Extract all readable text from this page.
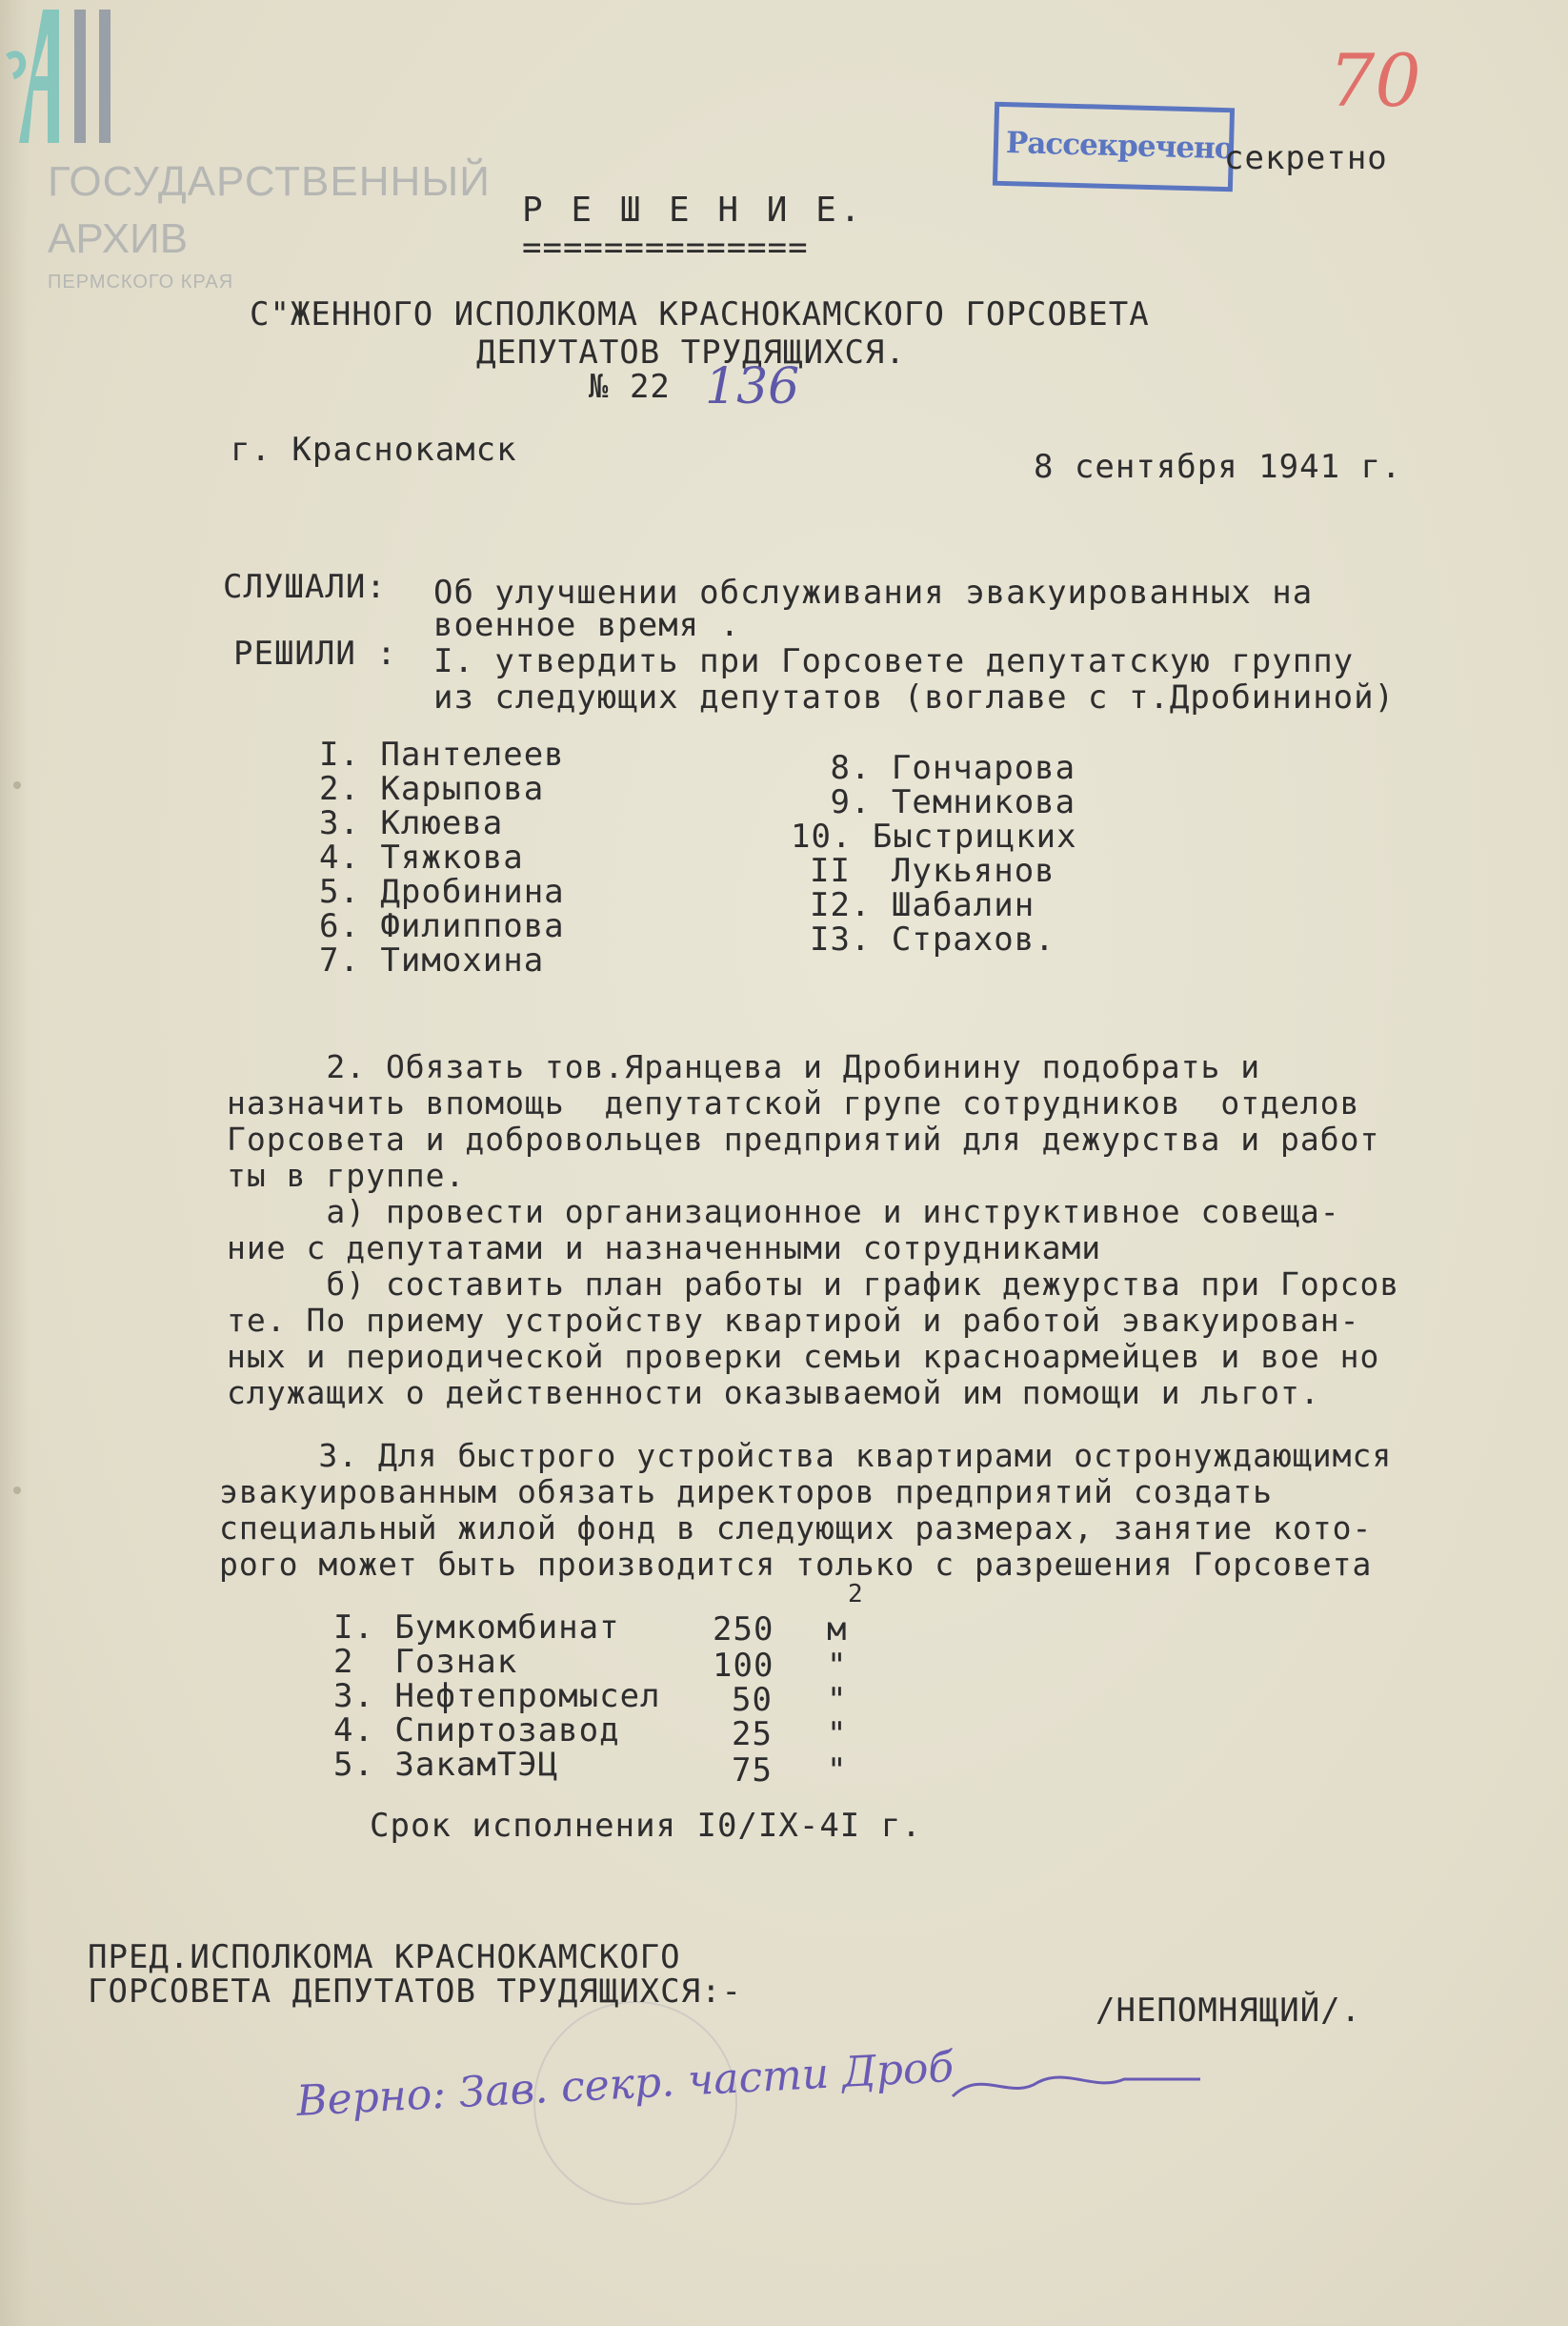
ГОСУДАРСТВЕННЫЙ
АРХИВ
ПЕРМСКОГО КРАЯ
70
Рассекречено
секретно
Р Е Ш Е Н И Е.
==============
С"ЖЕННОГО ИСПОЛКОМА КРАСНОКАМСКОГО ГОРСОВЕТА
ДЕПУТАТОВ ТРУДЯЩИХСЯ.
№ 22 136
г. Краснокамск	8 сентября 1941 г.
СЛУШАЛИ: Об улучшении обслуживания эвакуированных на
военное время .
РЕШИЛИ : I. утвердить при Горсовете депутатскую группу
из следующих депутатов (воглаве с т.Дробининой)
I. Пантелеев
2. Карыпова
3. Клюева
4. Тяжкова
5. Дробинина
6. Филиппова
7. Тимохина
8. Гончарова
9. Темникова
10. Быстрицких
II  Лукьянов
I2. Шабалин
I3. Страхов.
2. Обязать тов.Яранцева и Дробинину подобрать и
назначить впомощь  депутатской групе сотрудников  отделов
Горсовета и добровольцев предприятий для дежурства и работ
ты в группе.
а) провести организационное и инструктивное совеща-
ние с депутатами и назначенными сотрудниками
б) составить план работы и график дежурства при Горсов
те. По приему устройству квартирой и работой эвакуирован-
ных и периодической проверки семьи красноармейцев и вое но
служащих о действенности оказываемой им помощи и льгот.
3. Для быстрого устройства квартирами остронуждающимся
эвакуированным обязать директоров предприятий создать
специальный жилой фонд в следующих размерах, занятие кото-
рого может быть производится только с разрешения Горсовета
2
I. Бумкомбинат	250 м
2  Гознак	100 "
3. Нефтепромысел 50 "
4. Спиртозавод	25 "
5. ЗакамТЭЦ	75 "
Срок исполнения I0/IX-4I г.
ПРЕД.ИСПОЛКОМА КРАСНОКАМСКОГО
ГОРСОВЕТА ДЕПУТАТОВ ТРУДЯЩИХСЯ:-	/НЕПОМНЯЩИЙ/.
Верно: Зав. секр. части Дроб
